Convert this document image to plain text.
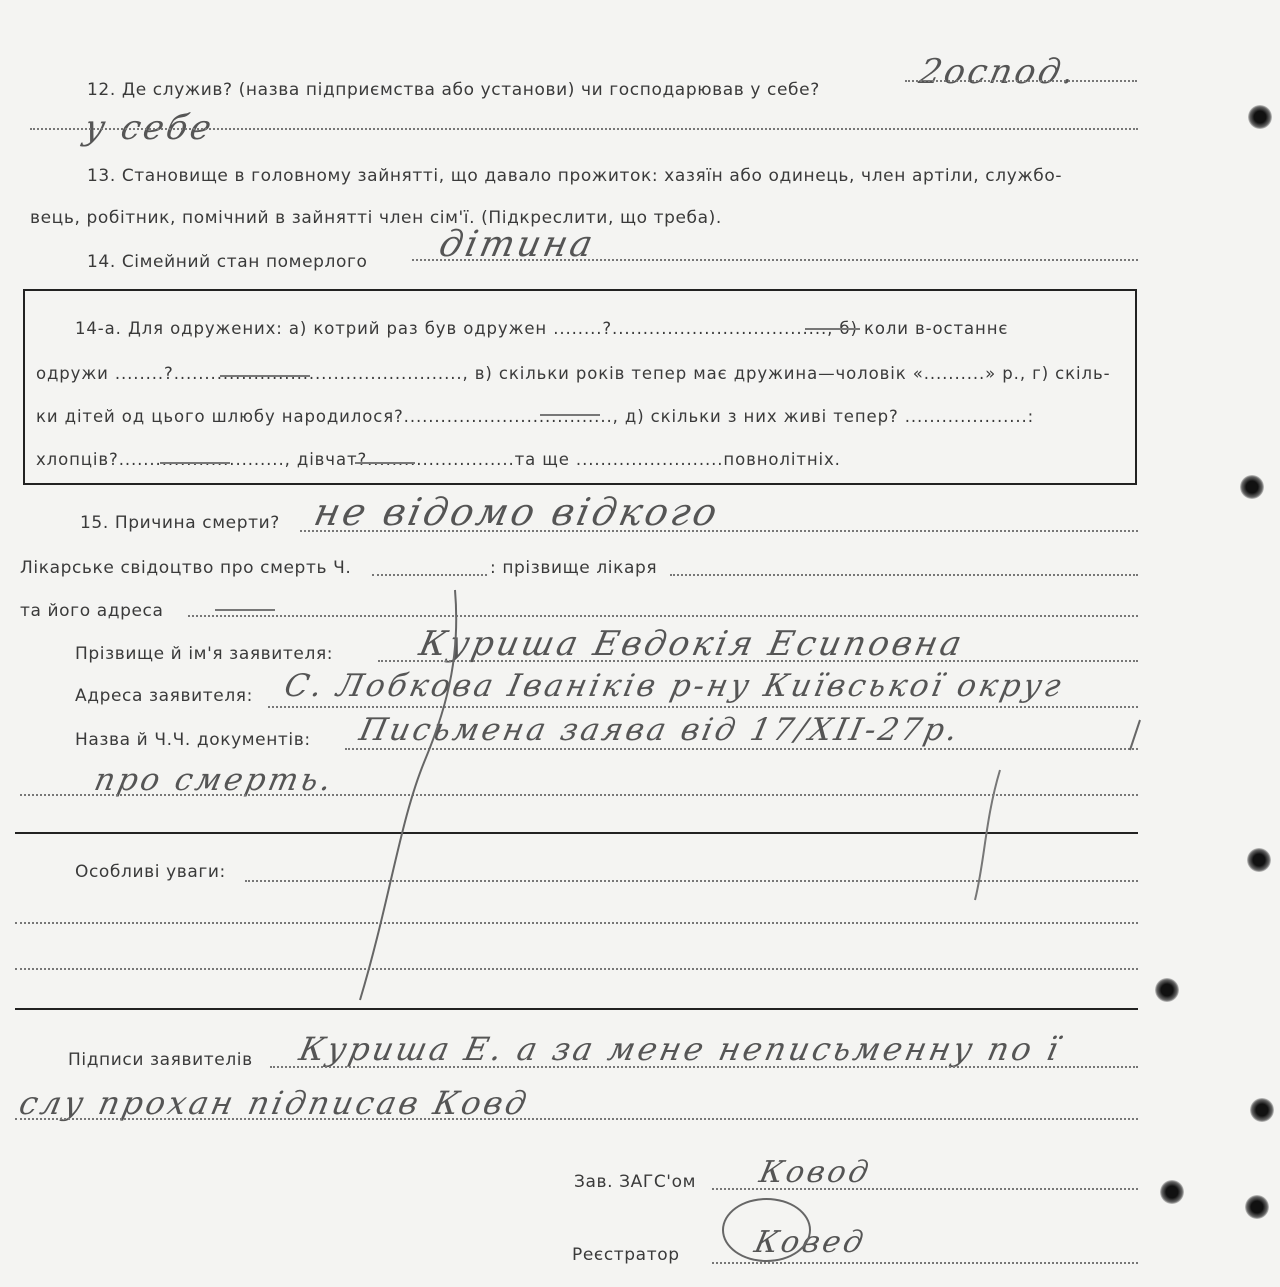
12. Де служив? (назва підприємства або установи) чи господарював у себе?	2оспод.
у себе
13. Становище в головному зайнятті, що давало прожиток: хазяїн або одинець, член артіли, службо-
вець, робітник, помічний в зайнятті член сім'ї. (Підкреслити, що треба).
14. Сімейний стан померлого дітина
14-а. Для одружених: а) котрий раз був одружен ........?..................................., б) коли в-останнє
одружи ........?..............................................., в) скільки років тепер має дружина—чоловік «..........» р., г) скіль-
ки дітей од цього шлюбу народилося?.................................., д) скільки з них живі тепер? ....................:
хлопців?..........................., дівчат?........................та ще ........................повнолітніх.
15. Причина смерти? не відомо відкого
Лікарське свідоцтво про смерть Ч.	: прізвище лікаря
та його адреса
Прізвище й ім'я заявителя: Куриша Евдокія Есиповна
Адреса заявителя: С. Лобкова Іваніків р-ну Київської округ
Назва й Ч.Ч. документів: Письмена заява від 17/XII-27р.
про смерть.
Особливі уваги:
Підписи заявителів Куриша Е. а за мене неписьменну по ї
слу прохан підписав Ковд
Зав. ЗАГС'ом Ковод
Реєстратор Ковед
